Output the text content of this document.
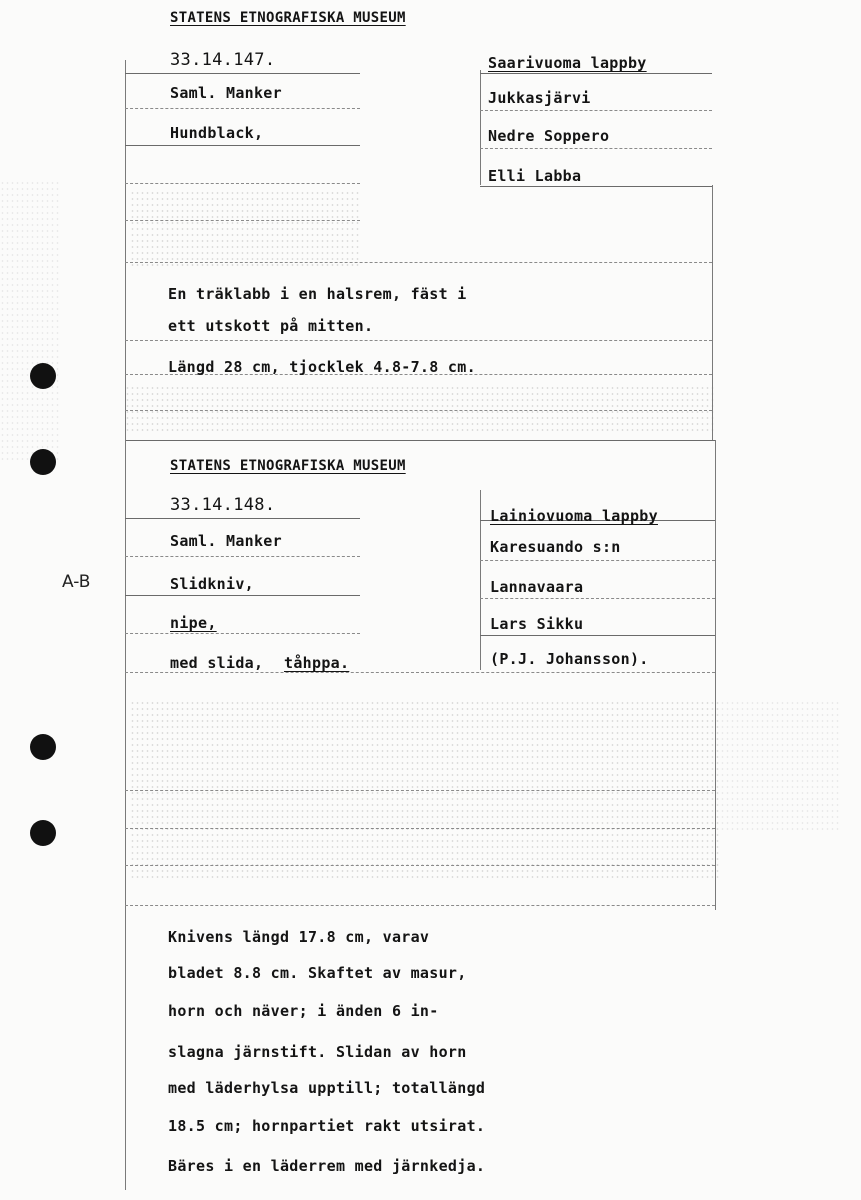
STATENS ETNOGRAFISKA MUSEUM
33.14.147.
Saml. Manker
Hundblack,
Saarivuoma lappby
Jukkasjärvi
Nedre Soppero
Elli Labba
En träklabb i en halsrem, fäst i
ett utskott på mitten.
Längd 28 cm, tjocklek 4.8-7.8 cm.
STATENS ETNOGRAFISKA MUSEUM
33.14.148.
Saml. Manker
Slidkniv,
nipe,
med slida, tåhppa.
A-B
Lainiovuoma lappby
Karesuando s:n
Lannavaara
Lars Sikku
(P.J. Johansson).
Knivens längd 17.8 cm, varav
bladet 8.8 cm. Skaftet av masur,
horn och näver; i änden 6 in-
slagna järnstift. Slidan av horn
med läderhylsa upptill; totallängd
18.5 cm; hornpartiet rakt utsirat.
Bäres i en läderrem med järnkedja.
